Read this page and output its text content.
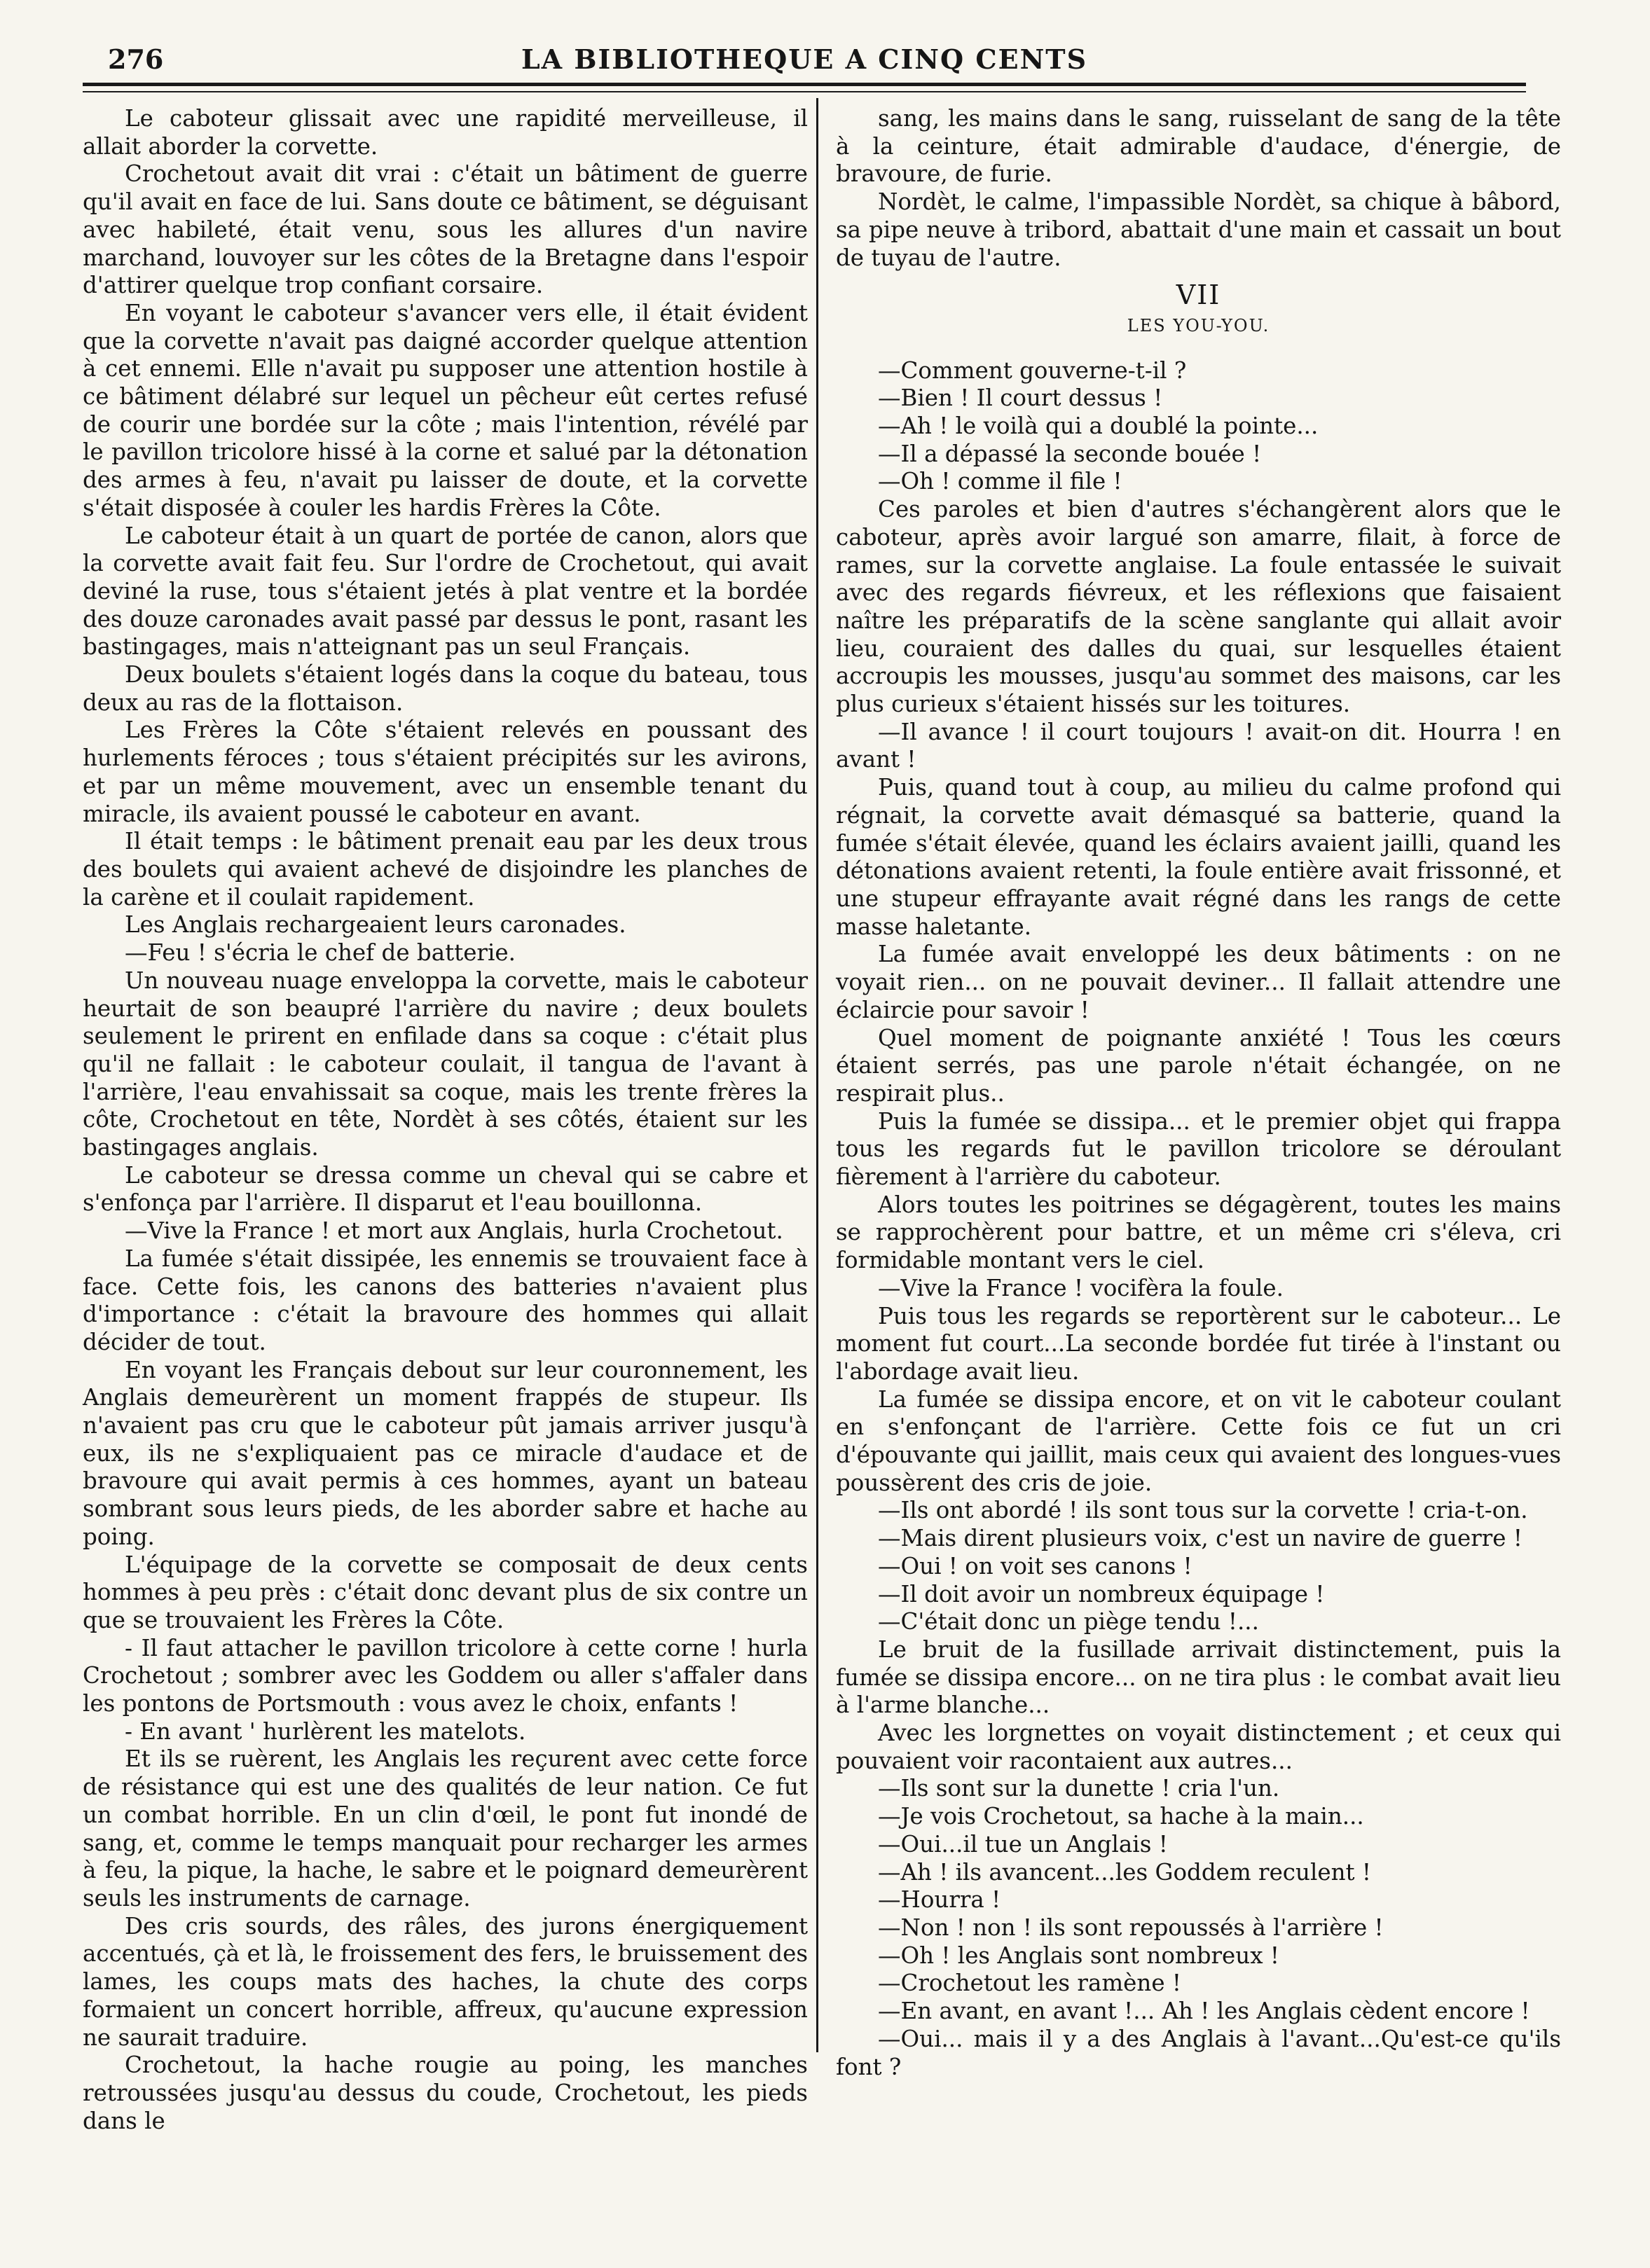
276	LA BIBLIOTHEQUE A CINQ CENTS

Le caboteur glissait avec une rapidité merveilleuse, il allait aborder la corvette.

Crochetout avait dit vrai : c'était un bâtiment de guerre qu'il avait en face de lui. Sans doute ce bâtiment, se déguisant avec habileté, était venu, sous les allures d'un navire marchand, louvoyer sur les côtes de la Bretagne dans l'espoir d'attirer quelque trop confiant corsaire.

En voyant le caboteur s'avancer vers elle, il était évident que la corvette n'avait pas daigné accorder quelque attention à cet ennemi. Elle n'avait pu supposer une attention hostile à ce bâtiment délabré sur lequel un pêcheur eût certes refusé de courir une bordée sur la côte ; mais l'intention, révélé par le pavillon tricolore hissé à la corne et salué par la détonation des armes à feu, n'avait pu laisser de doute, et la corvette s'était disposée à couler les hardis Frères la Côte.

Le caboteur était à un quart de portée de canon, alors que la corvette avait fait feu. Sur l'ordre de Crochetout, qui avait deviné la ruse, tous s'étaient jetés à plat ventre et la bordée des douze caronades avait passé par dessus le pont, rasant les bastingages, mais n'atteignant pas un seul Français.

Deux boulets s'étaient logés dans la coque du bateau, tous deux au ras de la flottaison.

Les Frères la Côte s'étaient relevés en poussant des hurlements féroces ; tous s'étaient précipités sur les avirons, et par un même mouvement, avec un ensemble tenant du miracle, ils avaient poussé le caboteur en avant.

Il était temps : le bâtiment prenait eau par les deux trous des boulets qui avaient achevé de disjoindre les planches de la carène et il coulait rapidement.

Les Anglais rechargeaient leurs caronades.

—Feu ! s'écria le chef de batterie.

Un nouveau nuage enveloppa la corvette, mais le caboteur heurtait de son beaupré l'arrière du navire ; deux boulets seulement le prirent en enfilade dans sa coque : c'était plus qu'il ne fallait : le caboteur coulait, il tangua de l'avant à l'arrière, l'eau envahissait sa coque, mais les trente frères la côte, Crochetout en tête, Nordèt à ses côtés, étaient sur les bastingages anglais.

Le caboteur se dressa comme un cheval qui se cabre et s'enfonça par l'arrière. Il disparut et l'eau bouillonna.

—Vive la France ! et mort aux Anglais, hurla Crochetout.

La fumée s'était dissipée, les ennemis se trouvaient face à face. Cette fois, les canons des batteries n'avaient plus d'importance : c'était la bravoure des hommes qui allait décider de tout.

En voyant les Français debout sur leur couronnement, les Anglais demeurèrent un moment frappés de stupeur. Ils n'avaient pas cru que le caboteur pût jamais arriver jusqu'à eux, ils ne s'expliquaient pas ce miracle d'audace et de bravoure qui avait permis à ces hommes, ayant un bateau sombrant sous leurs pieds, de les aborder sabre et hache au poing.

L'équipage de la corvette se composait de deux cents hommes à peu près : c'était donc devant plus de six contre un que se trouvaient les Frères la Côte.

- Il faut attacher le pavillon tricolore à cette corne ! hurla Crochetout ; sombrer avec les Goddem ou aller s'affaler dans les pontons de Portsmouth : vous avez le choix, enfants !

- En avant ' hurlèrent les matelots.

Et ils se ruèrent, les Anglais les reçurent avec cette force de résistance qui est une des qualités de leur nation. Ce fut un combat horrible. En un clin d'œil, le pont fut inondé de sang, et, comme le temps manquait pour recharger les armes à feu, la pique, la hache, le sabre et le poignard demeurèrent seuls les instruments de carnage.

Des cris sourds, des râles, des jurons énergiquement accentués, çà et là, le froissement des fers, le bruissement des lames, les coups mats des haches, la chute des corps formaient un concert horrible, affreux, qu'aucune expression ne saurait traduire.

Crochetout, la hache rougie au poing, les manches retroussées jusqu'au dessus du coude, Crochetout, les pieds dans le

sang, les mains dans le sang, ruisselant de sang de la tête à la ceinture, était admirable d'audace, d'énergie, de bravoure, de furie.

Nordèt, le calme, l'impassible Nordèt, sa chique à bâbord, sa pipe neuve à tribord, abattait d'une main et cassait un bout de tuyau de l'autre.

VII
LES YOU-YOU.

—Comment gouverne-t-il ?

—Bien ! Il court dessus !

—Ah ! le voilà qui a doublé la pointe...

—Il a dépassé la seconde bouée !

—Oh ! comme il file !

Ces paroles et bien d'autres s'échangèrent alors que le caboteur, après avoir largué son amarre, filait, à force de rames, sur la corvette anglaise. La foule entassée le suivait avec des regards fiévreux, et les réflexions que faisaient naître les préparatifs de la scène sanglante qui allait avoir lieu, couraient des dalles du quai, sur lesquelles étaient accroupis les mousses, jusqu'au sommet des maisons, car les plus curieux s'étaient hissés sur les toitures.

—Il avance ! il court toujours ! avait-on dit. Hourra ! en avant !

Puis, quand tout à coup, au milieu du calme profond qui régnait, la corvette avait démasqué sa batterie, quand la fumée s'était élevée, quand les éclairs avaient jailli, quand les détonations avaient retenti, la foule entière avait frissonné, et une stupeur effrayante avait régné dans les rangs de cette masse haletante.

La fumée avait enveloppé les deux bâtiments : on ne voyait rien... on ne pouvait deviner... Il fallait attendre une éclaircie pour savoir !

Quel moment de poignante anxiété ! Tous les cœurs étaient serrés, pas une parole n'était échangée, on ne respirait plus..

Puis la fumée se dissipa... et le premier objet qui frappa tous les regards fut le pavillon tricolore se déroulant fièrement à l'arrière du caboteur.

Alors toutes les poitrines se dégagèrent, toutes les mains se rapprochèrent pour battre, et un même cri s'éleva, cri formidable montant vers le ciel.

—Vive la France ! vocifèra la foule.

Puis tous les regards se reportèrent sur le caboteur... Le moment fut court...La seconde bordée fut tirée à l'instant ou l'abordage avait lieu.

La fumée se dissipa encore, et on vit le caboteur coulant en s'enfonçant de l'arrière. Cette fois ce fut un cri d'épouvante qui jaillit, mais ceux qui avaient des longues-vues poussèrent des cris de joie.

—Ils ont abordé ! ils sont tous sur la corvette ! cria-t-on.

—Mais dirent plusieurs voix, c'est un navire de guerre !

—Oui ! on voit ses canons !

—Il doit avoir un nombreux équipage !

—C'était donc un piège tendu !...

Le bruit de la fusillade arrivait distinctement, puis la fumée se dissipa encore... on ne tira plus : le combat avait lieu à l'arme blanche...

Avec les lorgnettes on voyait distinctement ; et ceux qui pouvaient voir racontaient aux autres...

—Ils sont sur la dunette ! cria l'un.

—Je vois Crochetout, sa hache à la main...

—Oui...il tue un Anglais !

—Ah ! ils avancent...les Goddem reculent !

—Hourra !

—Non ! non ! ils sont repoussés à l'arrière !

—Oh ! les Anglais sont nombreux !

—Crochetout les ramène !

—En avant, en avant !... Ah ! les Anglais cèdent encore !

—Oui... mais il y a des Anglais à l'avant...Qu'est-ce qu'ils font ?
